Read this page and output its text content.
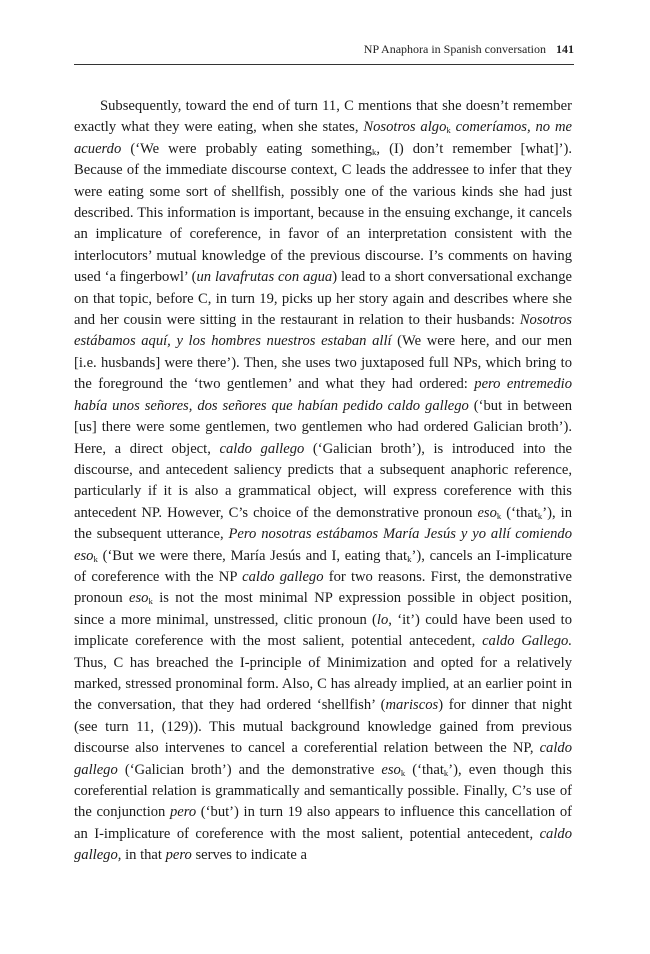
NP Anaphora in Spanish conversation 141

Subsequently, toward the end of turn 11, C mentions that she doesn’t remember exactly what they were eating, when she states, Nosotros algo$_k$ comeríamos, no me acuerdo (‘We were probably eating something$_k$, (I) don’t remember [what]’). Because of the immediate discourse context, C leads the addressee to infer that they were eating some sort of shellfish, possibly one of the various kinds she had just described. This information is important, because in the ensuing exchange, it cancels an implicature of coreference, in favor of an interpretation consistent with the interlocutors’ mutual knowledge of the previous discourse. I’s comments on having used ‘a fingerbowl’ (un lavafrutas con agua) lead to a short conversational exchange on that topic, before C, in turn 19, picks up her story again and describes where she and her cousin were sitting in the restaurant in relation to their husbands: Nosotros estábamos aquí, y los hombres nuestros estaban allí (We were here, and our men [i.e. husbands] were there’). Then, she uses two juxtaposed full NPs, which bring to the foreground the ‘two gentlemen’ and what they had ordered: pero entremedio había unos señores, dos señores que habían pedido caldo gallego (‘but in between [us] there were some gentlemen, two gentlemen who had ordered Galician broth’). Here, a direct object, caldo gallego (‘Galician broth’), is introduced into the discourse, and antecedent saliency predicts that a subsequent anaphoric reference, particularly if it is also a grammatical object, will express coreference with this antecedent NP. However, C’s choice of the demonstrative pronoun eso$_k$ (‘that$_k$’), in the subsequent utterance, Pero nosotras estábamos María Jesús y yo allí comiendo eso$_k$ (‘But we were there, María Jesús and I, eating that$_k$’), cancels an I-implicature of coreference with the NP caldo gallego for two reasons. First, the demonstrative pronoun eso$_k$ is not the most minimal NP expression possible in object position, since a more minimal, unstressed, clitic pronoun (lo, ‘it’) could have been used to implicate coreference with the most salient, potential antecedent, caldo Gallego. Thus, C has breached the I-principle of Minimization and opted for a relatively marked, stressed pronominal form. Also, C has already implied, at an earlier point in the conversation, that they had ordered ‘shellfish’ (mariscos) for dinner that night (see turn 11, (129)). This mutual background knowledge gained from previous discourse also intervenes to cancel a coreferential relation between the NP, caldo gallego (‘Galician broth’) and the demonstrative eso$_k$ (‘that$_k$’), even though this coreferential relation is grammatically and semantically possible. Finally, C’s use of the conjunction pero (‘but’) in turn 19 also appears to influence this cancellation of an I-implicature of coreference with the most salient, potential antecedent, caldo gallego, in that pero serves to indicate a
